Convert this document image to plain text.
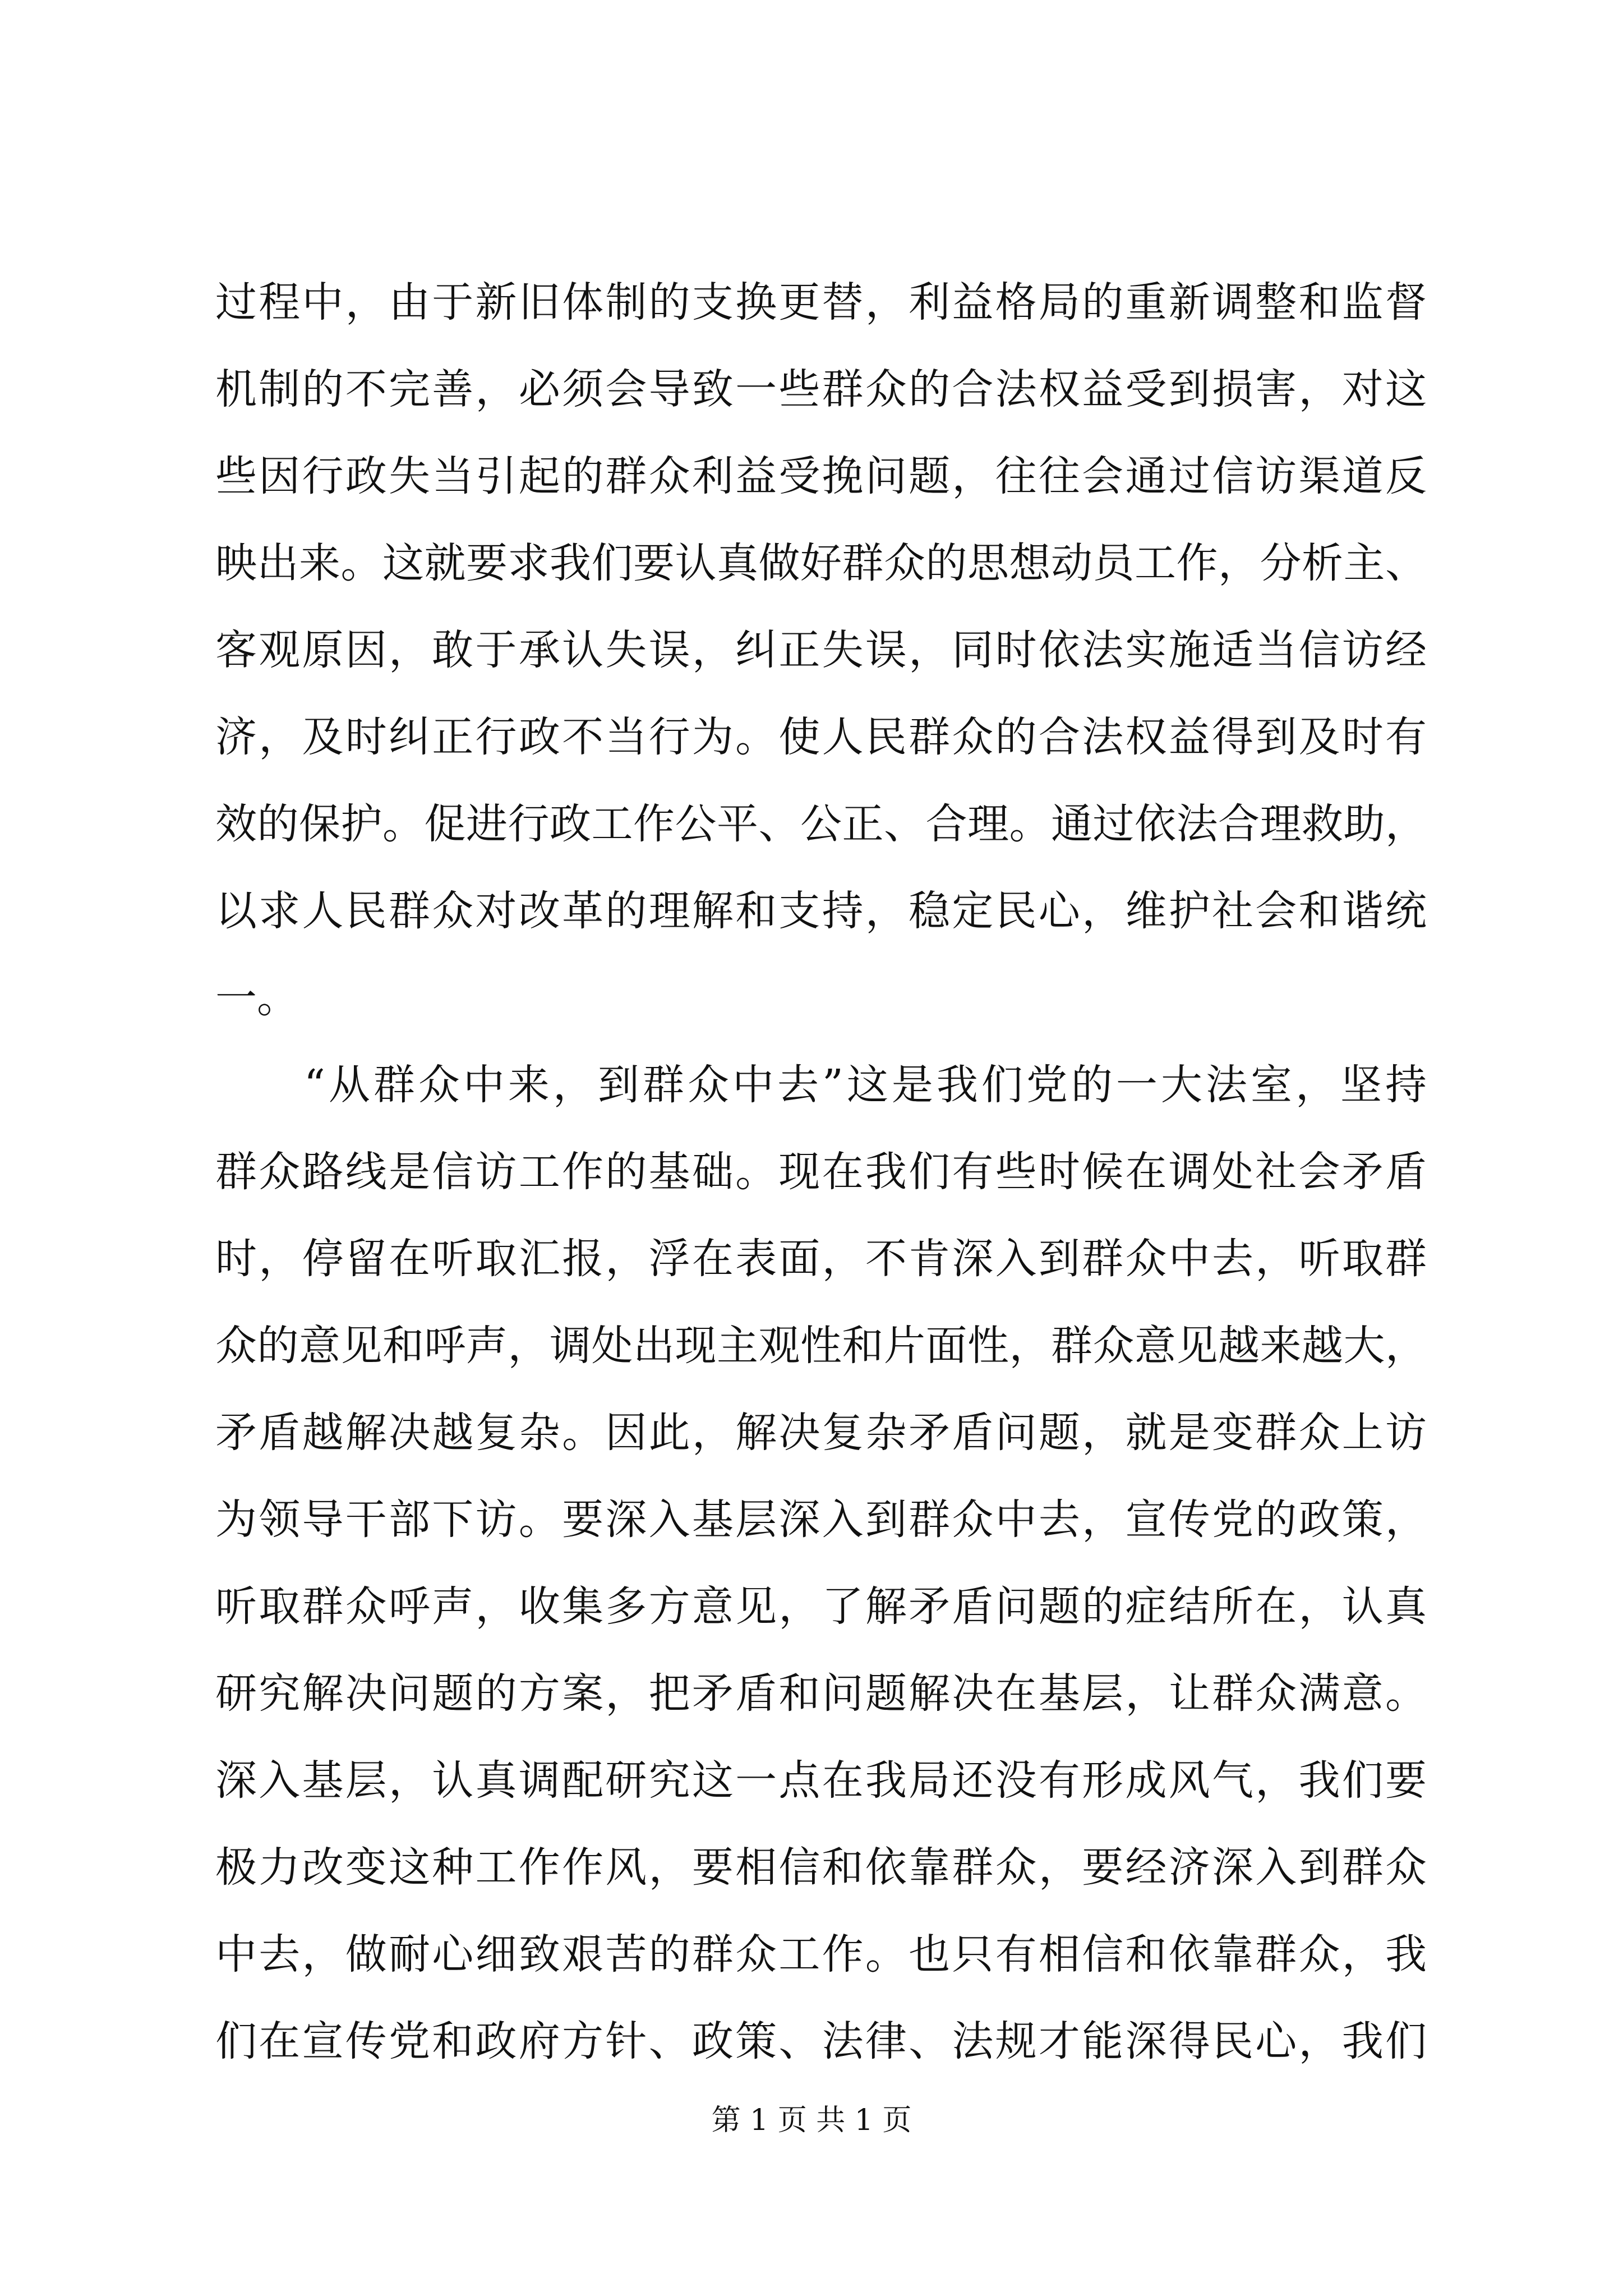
过程中，由于新旧体制的支换更替，利益格局的重新调整和监督
机制的不完善，必须会导致一些群众的合法权益受到损害，对这
些因行政失当引起的群众利益受挽问题，往往会通过信访渠道反
映出来。这就要求我们要认真做好群众的思想动员工作，分析主、
客观原因，敢于承认失误，纠正失误，同时依法实施适当信访经
济，及时纠正行政不当行为。使人民群众的合法权益得到及时有
效的保护。促进行政工作公平、公正、合理。通过依法合理救助，
以求人民群众对改革的理解和支持，稳定民心，维护社会和谐统
一。
“从群众中来，到群众中去”这是我们党的一大法室，坚持
群众路线是信访工作的基础。现在我们有些时候在调处社会矛盾
时，停留在听取汇报，浮在表面，不肯深入到群众中去，听取群
众的意见和呼声，调处出现主观性和片面性，群众意见越来越大，
矛盾越解决越复杂。因此，解决复杂矛盾问题，就是变群众上访
为领导干部下访。要深入基层深入到群众中去，宣传党的政策，
听取群众呼声，收集多方意见，了解矛盾问题的症结所在，认真
研究解决问题的方案，把矛盾和问题解决在基层，让群众满意。
深入基层，认真调配研究这一点在我局还没有形成风气，我们要
极力改变这种工作作风，要相信和依靠群众，要经济深入到群众
中去，做耐心细致艰苦的群众工作。也只有相信和依靠群众，我
们在宣传党和政府方针、政策、法律、法规才能深得民心，我们
第 1 页 共 1 页
